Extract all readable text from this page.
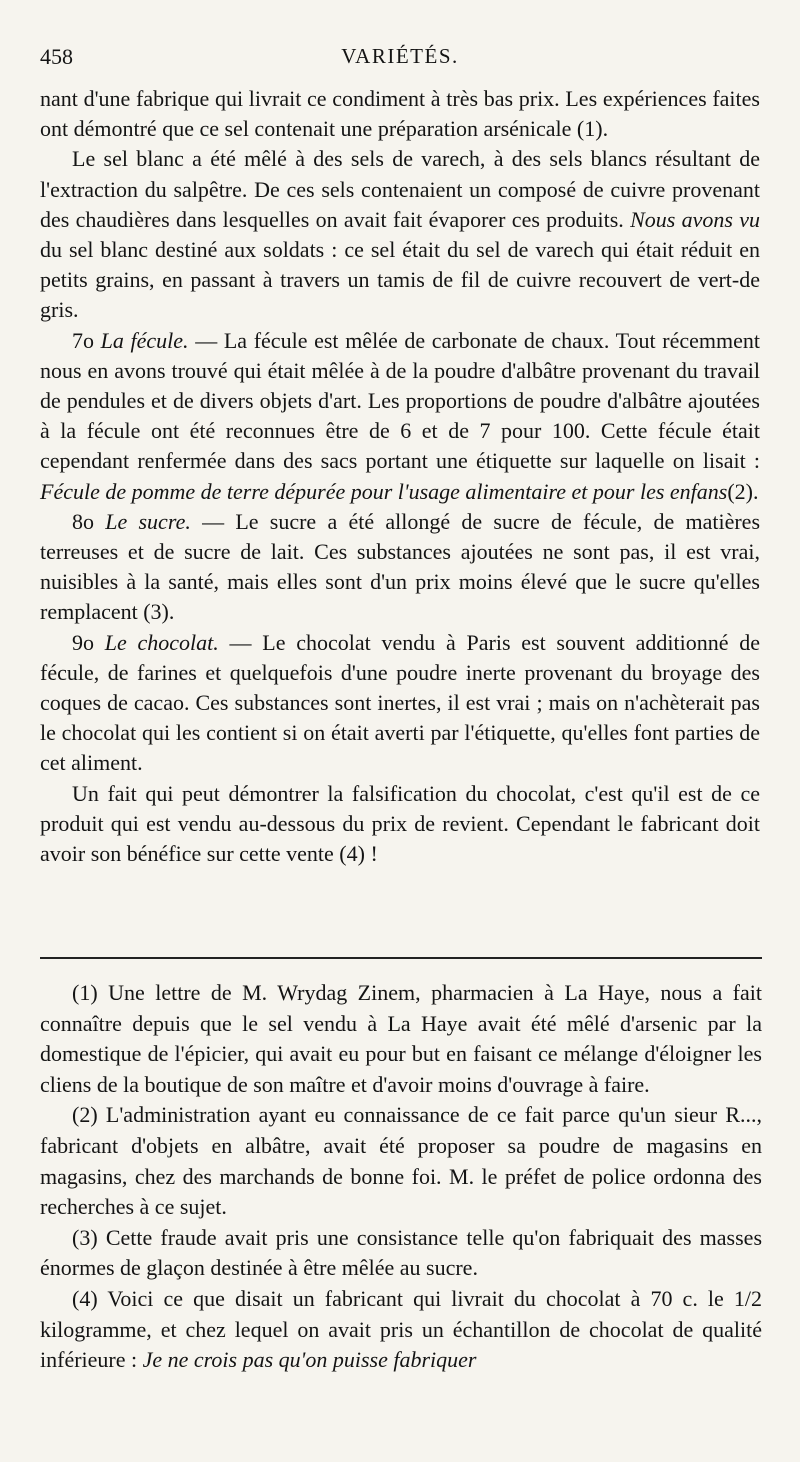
458	VARIÉTÉS.

nant d'une fabrique qui livrait ce condiment à très bas prix. Les expériences faites ont démontré que ce sel contenait une préparation arsénicale (1).

Le sel blanc a été mêlé à des sels de varech, à des sels blancs résultant de l'extraction du salpêtre. De ces sels contenaient un composé de cuivre provenant des chaudières dans lesquelles on avait fait évaporer ces produits. Nous avons vu du sel blanc destiné aux soldats : ce sel était du sel de varech qui était réduit en petits grains, en passant à travers un tamis de fil de cuivre recouvert de vert-de gris.

7o La fécule. — La fécule est mêlée de carbonate de chaux. Tout récemment nous en avons trouvé qui était mêlée à de la poudre d'albâtre provenant du travail de pendules et de divers objets d'art. Les proportions de poudre d'albâtre ajoutées à la fécule ont été reconnues être de 6 et de 7 pour 100. Cette fécule était cependant renfermée dans des sacs portant une étiquette sur laquelle on lisait : Fécule de pomme de terre dépurée pour l'usage alimentaire et pour les enfans(2).

8o Le sucre. — Le sucre a été allongé de sucre de fécule, de matières terreuses et de sucre de lait. Ces substances ajoutées ne sont pas, il est vrai, nuisibles à la santé, mais elles sont d'un prix moins élevé que le sucre qu'elles remplacent (3).

9o Le chocolat. — Le chocolat vendu à Paris est souvent additionné de fécule, de farines et quelquefois d'une poudre inerte provenant du broyage des coques de cacao. Ces substances sont inertes, il est vrai ; mais on n'achèterait pas le chocolat qui les contient si on était averti par l'étiquette, qu'elles font parties de cet aliment.

Un fait qui peut démontrer la falsification du chocolat, c'est qu'il est de ce produit qui est vendu au-dessous du prix de revient. Cependant le fabricant doit avoir son bénéfice sur cette vente (4) !

(1) Une lettre de M. Wrydag Zinem, pharmacien à La Haye, nous a fait connaître depuis que le sel vendu à La Haye avait été mêlé d'arsenic par la domestique de l'épicier, qui avait eu pour but en faisant ce mélange d'éloigner les cliens de la boutique de son maître et d'avoir moins d'ouvrage à faire.

(2) L'administration ayant eu connaissance de ce fait parce qu'un sieur R..., fabricant d'objets en albâtre, avait été proposer sa poudre de magasins en magasins, chez des marchands de bonne foi. M. le préfet de police ordonna des recherches à ce sujet.

(3) Cette fraude avait pris une consistance telle qu'on fabriquait des masses énormes de glaçon destinée à être mêlée au sucre.

(4) Voici ce que disait un fabricant qui livrait du chocolat à 70 c. le 1/2 kilogramme, et chez lequel on avait pris un échantillon de chocolat de qualité inférieure : Je ne crois pas qu'on puisse fabriquer
